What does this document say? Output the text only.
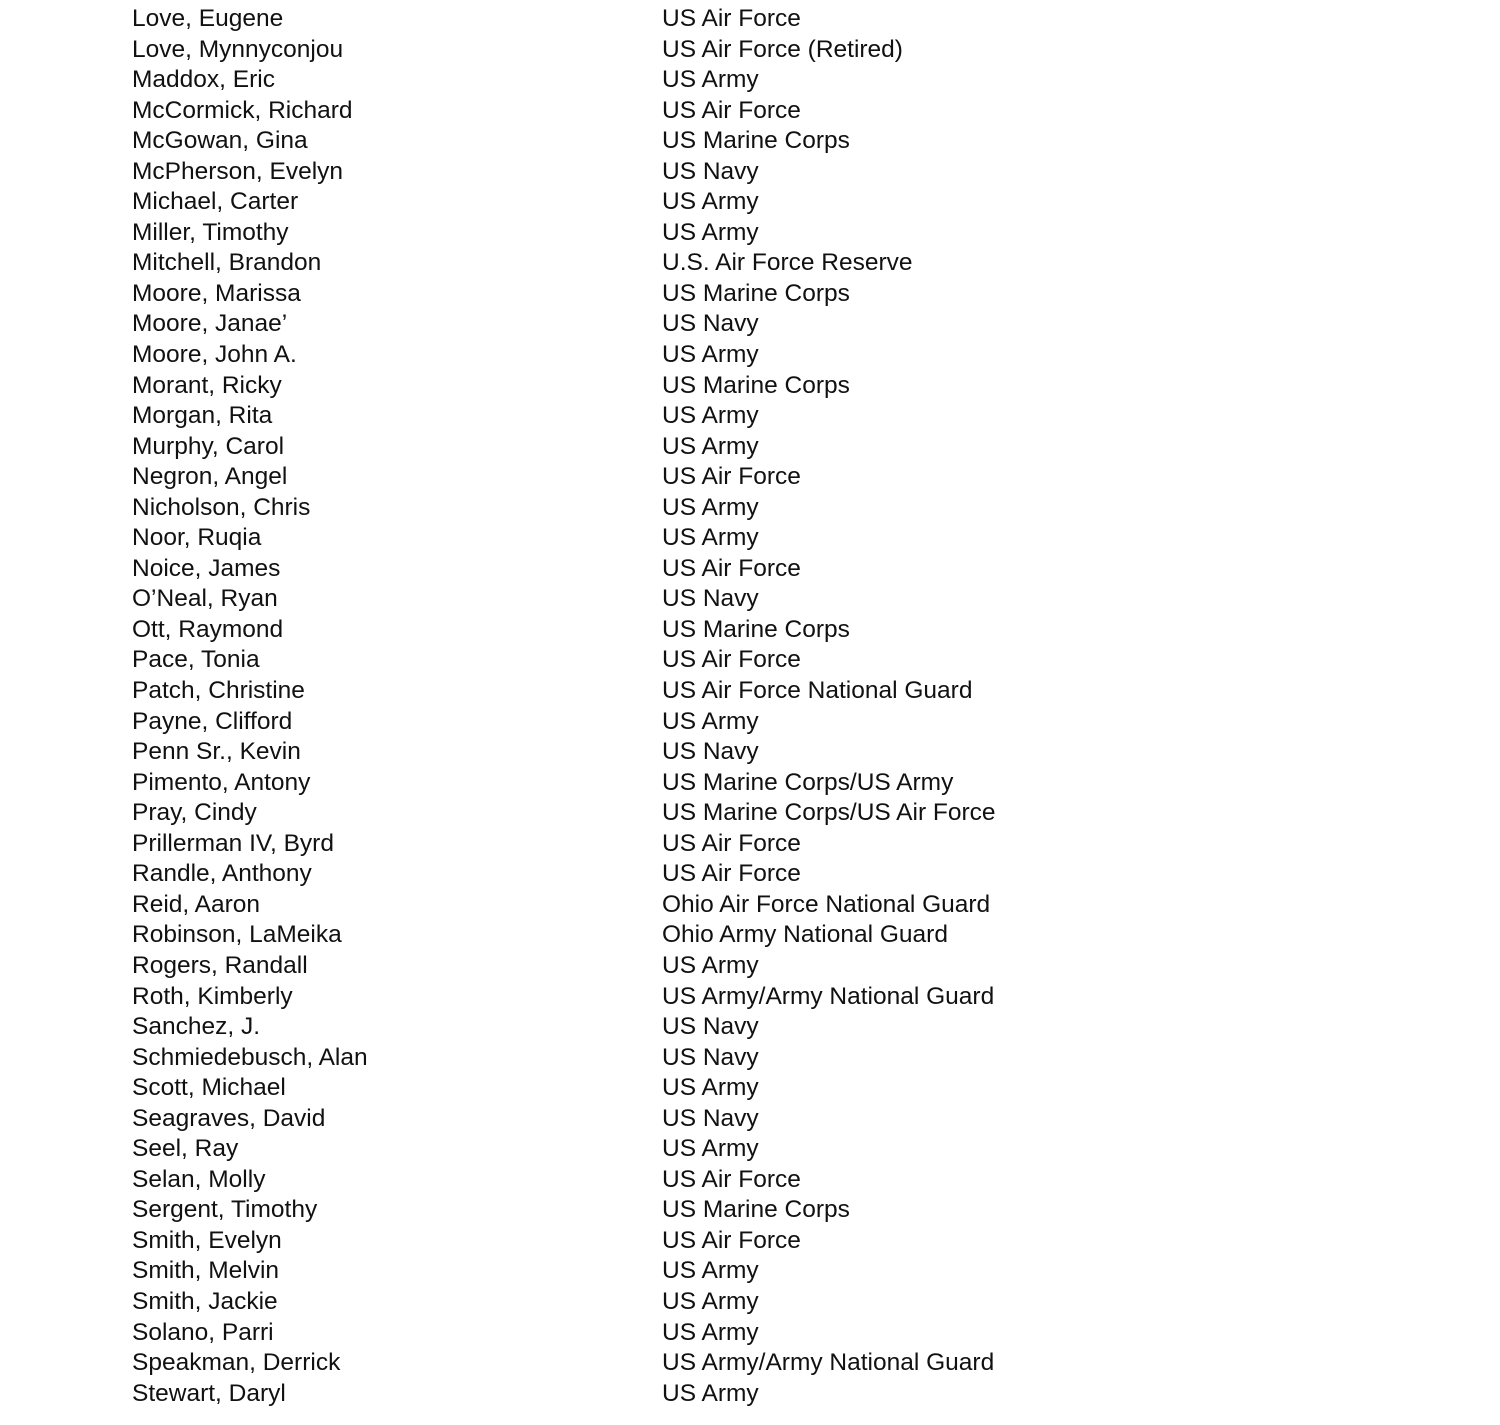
Love, Eugene	US Air Force
Love, Mynnyconjou	US Air Force (Retired)
Maddox, Eric	US Army
McCormick, Richard	US Air Force
McGowan, Gina	US Marine Corps
McPherson, Evelyn	US Navy
Michael, Carter	US Army
Miller, Timothy	US Army
Mitchell, Brandon	U.S. Air Force Reserve
Moore, Marissa	US Marine Corps
Moore, Janae’	US Navy
Moore, John A.	US Army
Morant, Ricky	US Marine Corps
Morgan, Rita	US Army
Murphy, Carol	US Army
Negron, Angel	US Air Force
Nicholson, Chris	US Army
Noor, Ruqia	US Army
Noice, James	US Air Force
O’Neal, Ryan	US Navy
Ott, Raymond	US Marine Corps
Pace, Tonia	US Air Force
Patch, Christine	US Air Force National Guard
Payne, Clifford	US Army
Penn Sr., Kevin	US Navy
Pimento, Antony	US Marine Corps/US Army
Pray, Cindy	US Marine Corps/US Air Force
Prillerman IV, Byrd	US Air Force
Randle, Anthony	US Air Force
Reid, Aaron	Ohio Air Force National Guard
Robinson, LaMeika	Ohio Army National Guard
Rogers, Randall	US Army
Roth, Kimberly	US Army/Army National Guard
Sanchez, J.	US Navy
Schmiedebusch, Alan	US Navy
Scott, Michael	US Army
Seagraves, David	US Navy
Seel, Ray	US Army
Selan, Molly	US Air Force
Sergent, Timothy	US Marine Corps
Smith, Evelyn	US Air Force
Smith, Melvin	US Army
Smith, Jackie	US Army
Solano, Parri	US Army
Speakman, Derrick	US Army/Army National Guard
Stewart, Daryl	US Army
